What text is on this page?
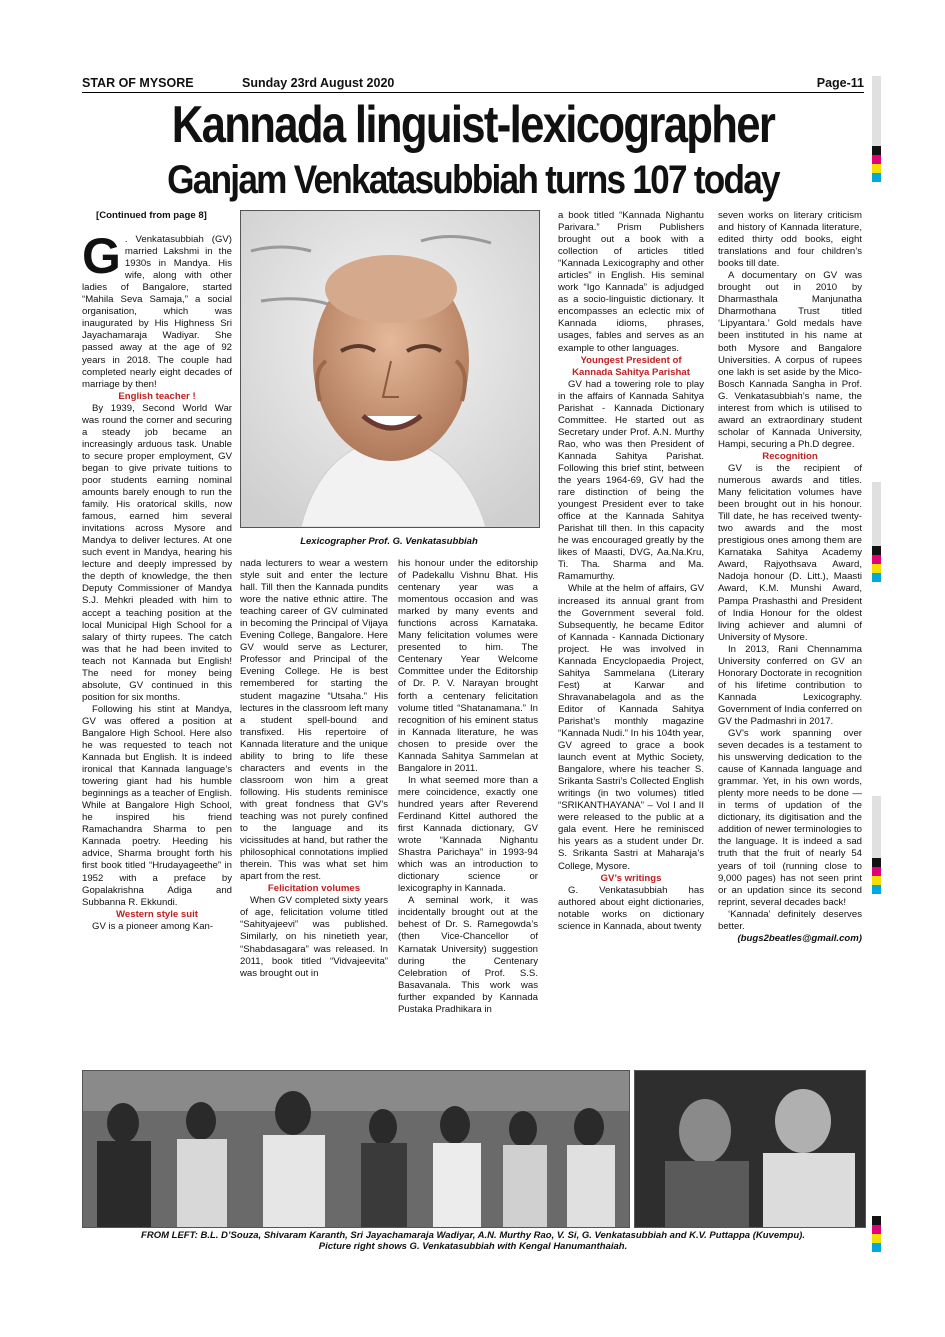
STAR OF MYSORE	Sunday 23rd August 2020	Page-11
Kannada linguist-lexicographer
Ganjam Venkatasubbiah turns 107 today

[Continued from page 8]

G . Venkatasubbiah (GV) married Lakshmi in the 1930s in Mandya. His wife, along with other ladies of Bangalore, started “Mahila Seva Samaja,” a social organisation, which was inaugurated by His Highness Sri Jayachamaraja Wadiyar. She passed away at the age of 92 years in 2018. The couple had completed nearly eight decades of marriage by then!

English teacher !

By 1939, Second World War was round the corner and securing a steady job became an increasingly arduous task. Unable to secure proper employment, GV began to give private tuitions to poor students earning nominal amounts barely enough to run the family. His oratorical skills, now famous, earned him several invitations across Mysore and Mandya to deliver lectures. At one such event in Mandya, hearing his lecture and deeply impressed by the depth of knowledge, the then Deputy Commissioner of Mandya S.J. Mehkri pleaded with him to accept a teaching position at the local Municipal High School for a salary of thirty rupees. The catch was that he had been invited to teach not Kannada but English! The need for money being absolute, GV continued in this position for six months.

Following his stint at Mandya, GV was offered a position at Bangalore High School. Here also he was requested to teach not Kannada but English. It is indeed ironical that Kannada language’s towering giant had his humble beginnings as a teacher of English. While at Bangalore High School, he inspired his friend Ramachandra Sharma to pen Kannada poetry. Heeding his advice, Sharma brought forth his first book titled “Hrudayageethe” in 1952 with a preface by Gopalakrishna Adiga and Subbanna R. Ekkundi.

Western style suit

GV is a pioneer among Kan-

Lexicographer Prof. G. Venkatasubbiah

nada lecturers to wear a western style suit and enter the lecture hall. Till then the Kannada pundits wore the native ethnic attire. The teaching career of GV culminated in becoming the Principal of Vijaya Evening College, Bangalore. Here GV would serve as Lecturer, Professor and Principal of the Evening College. He is best remembered for starting the student magazine “Utsaha.” His lectures in the classroom left many a student spell-bound and transfixed. His repertoire of Kannada literature and the unique ability to bring to life these characters and events in the classroom won him a great following. His students reminisce with great fondness that GV’s teaching was not purely confined to the language and its vicissitudes at hand, but rather the philosophical connotations implied therein. This was what set him apart from the rest.

Felicitation volumes

When GV completed sixty years of age, felicitation volume titled “Sahityajeevi” was published. Similarly, on his ninetieth year, “Shabdasagara” was released. In 2011, book titled “Vidvajeevita” was brought out in

his honour under the editorship of Padekallu Vishnu Bhat. His centenary year was a momentous occasion and was marked by many events and functions across Karnataka. Many felicitation volumes were presented to him. The Centenary Year Welcome Committee under the Editorship of Dr. P. V. Narayan brought forth a centenary felicitation volume titled “Shatanamana.” In recognition of his eminent status in Kannada literature, he was chosen to preside over the Kannada Sahitya Sammelan at Bangalore in 2011.

In what seemed more than a mere coincidence, exactly one hundred years after Reverend Ferdinand Kittel authored the first Kannada dictionary, GV wrote “Kannada Nighantu Shastra Parichaya” in 1993-94 which was an introduction to dictionary science or lexicography in Kannada.

A seminal work, it was incidentally brought out at the behest of Dr. S. Ramegowda’s (then Vice-Chancellor of Karnatak University) suggestion during the Centenary Celebration of Prof. S.S. Basavanala. This work was further expanded by Kannada Pustaka Pradhikara in

a book titled “Kannada Nighantu Parivara.” Prism Publishers brought out a book with a collection of articles titled “Kannada Lexicography and other articles” in English. His seminal work “Igo Kannada” is adjudged as a socio-linguistic dictionary. It encompasses an eclectic mix of Kannada idioms, phrases, usages, fables and serves as an example to other languages.

Youngest President of

Kannada Sahitya Parishat

GV had a towering role to play in the affairs of Kannada Sahitya Parishat - Kannada Dictionary Committee. He started out as Secretary under Prof. A.N. Murthy Rao, who was then President of Kannada Sahitya Parishat. Following this brief stint, between the years 1964-69, GV had the rare distinction of being the youngest President ever to take office at the Kannada Sahitya Parishat till then. In this capacity he was encouraged greatly by the likes of Maasti, DVG, Aa.Na.Kru, Ti. Tha. Sharma and Ma. Ramamurthy.

While at the helm of affairs, GV increased its annual grant from the Government several fold. Subsequently, he became Editor of Kannada - Kannada Dictionary project. He was involved in Kannada Encyclopaedia Project, Sahitya Sammelana (Literary Fest) at Karwar and Shravanabelagola and as the Editor of Kannada Sahitya Parishat’s monthly magazine “Kannada Nudi.” In his 104th year, GV agreed to grace a book launch event at Mythic Society, Bangalore, where his teacher S. Srikanta Sastri’s Collected English writings (in two volumes) titled “SRIKANTHAYANA” – Vol I and II were released to the public at a gala event. Here he reminisced his years as a student under Dr. S. Srikanta Sastri at Maharaja’s College, Mysore.

GV’s writings

G. Venkatasubbiah has authored about eight dictionaries, notable works on dictionary science in Kannada, about twenty

seven works on literary criticism and history of Kannada literature, edited thirty odd books, eight translations and four children’s books till date.

A documentary on GV was brought out in 2010 by Dharmasthala Manjunatha Dharmothana Trust titled ‘Lipyantara.’ Gold medals have been instituted in his name at both Mysore and Bangalore Universities. A corpus of rupees one lakh is set aside by the Mico-Bosch Kannada Sangha in Prof. G. Venkatasubbiah’s name, the interest from which is utilised to award an extraordinary student scholar of Kannada University, Hampi, securing a Ph.D degree.

Recognition

GV is the recipient of numerous awards and titles. Many felicitation volumes have been brought out in his honour. Till date, he has received twenty-two awards and the most prestigious ones among them are Karnataka Sahitya Academy Award, Rajyothsava Award, Nadoja honour (D. Litt.), Maasti Award, K.M. Munshi Award, Pampa Prashasthi and President of India Honour for the oldest living achiever and alumni of University of Mysore.

In 2013, Rani Chennamma University conferred on GV an Honorary Doctorate in recognition of his lifetime contribution to Kannada Lexicography. Government of India conferred on GV the Padmashri in 2017.

GV’s work spanning over seven decades is a testament to his unswerving dedication to the cause of Kannada language and grammar. Yet, in his own words, plenty more needs to be done — in terms of updation of the dictionary, its digitisation and the addition of newer terminologies to the language. It is indeed a sad truth that the fruit of nearly 54 years of toil (running close to 9,000 pages) has not seen print or an updation since its second reprint, several decades back!

‘Kannada’ definitely deserves better.

(bugs2beatles@gmail.com)

FROM LEFT: B.L. D’Souza, Shivaram Karanth, Sri Jayachamaraja Wadiyar, A.N. Murthy Rao, V. Si, G. Venkatasubbiah and K.V. Puttappa (Kuvempu).
Picture right shows G. Venkatasubbiah with Kengal Hanumanthaiah.
